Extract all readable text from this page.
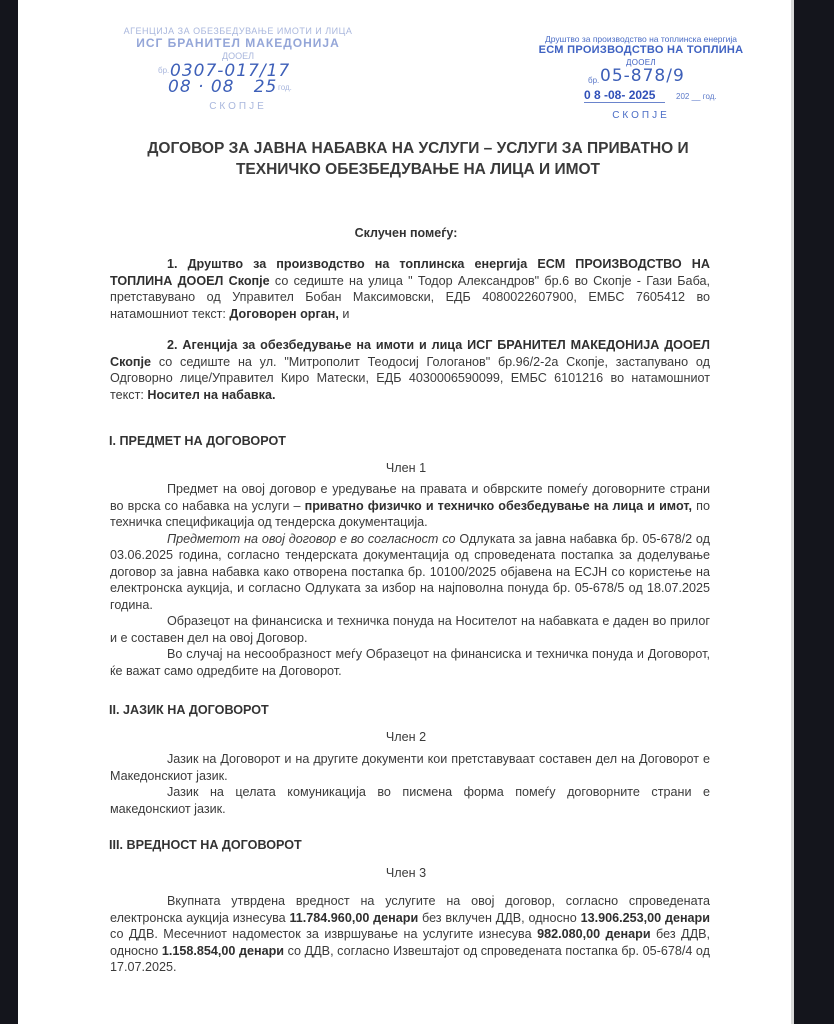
АГЕНЦИЈА ЗА ОБЕЗБЕДУВАЊЕ ИМОТИ И ЛИЦА
ИСГ БРАНИТЕЛ МАКЕДОНИЈА
ДООЕЛ
бр. 0307-017/17
08 · 08 25 год.
СКОПЈЕ
Друштво за производство на топлинска енергија
ЕСМ ПРОИЗВОДСТВО НА ТОПЛИНА ДООЕЛ
бр. 05-878/9
0 8 -08- 2025	202 __ год.
СКОПЈЕ
ДОГОВОР ЗА ЈАВНА НАБАВКА НА УСЛУГИ – УСЛУГИ ЗА ПРИВАТНО И
ТЕХНИЧКО ОБЕЗБЕДУВАЊЕ НА ЛИЦА И ИМОТ
Склучен помеѓу:
1. Друштво за производство на топлинска енергија ЕСМ ПРОИЗВОДСТВО НА ТОПЛИНА ДООЕЛ Скопје со седиште на улица " Тодор Александров" бр.6 во Скопје - Гази Баба, претставувано од Управител Бобан Максимовски, ЕДБ 4080022607900, ЕМБС 7605412 во натамошниот текст: Договорен орган, и
2. Агенција за обезбедување на имоти и лица ИСГ БРАНИТЕЛ МАКЕДОНИЈА ДООЕЛ Скопје со седиште на ул. "Митрополит Теодосиј Гологанов" бр.96/2-2а Скопје, застапувано од Одговорно лице/Управител Киро Матески, ЕДБ 4030006590099, ЕМБС 6101216 во натамошниот текст: Носител на набавка.
I. ПРЕДМЕТ НА ДОГОВОРОТ
Член 1

Предмет на овој договор е уредување на правата и обврските помеѓу договорните страни во врска со набавка на услуги – приватно физичко и техничко обезбедување на лица и имот, по техничка спецификација од тендерска документација.

Предметот на овој договор е во согласност со Одлуката за јавна набавка бр. 05-678/2 од 03.06.2025 година, согласно тендерската документација од спроведената постапка за доделување договор за јавна набавка како отворена постапка бр. 10100/2025 објавена на ЕСЈН со користење на електронска аукција, и согласно Одлуката за избор на најповолна понуда бр. 05-678/5 од 18.07.2025 година.

Образецот на финансиска и техничка понуда на Носителот на набавката е даден во прилог и е составен дел на овој Договор.

Во случај на несообразност меѓу Образецот на финансиска и техничка понуда и Договорот, ќе важат само одредбите на Договорот.

II. ЈАЗИК НА ДОГОВОРОТ
Член 2

Јазик на Договорот и на другите документи кои претставуваат составен дел на Договорот е Македонскиот јазик.

Јазик на целата комуникација во писмена форма помеѓу договорните страни е македонскиот јазик.

III. ВРЕДНОСТ НА ДОГОВОРОТ
Член 3

Вкупната утврдена вредност на услугите на овој договор, согласно спроведената електронска аукција изнесува 11.784.960,00 денари без вклучен ДДВ, односно 13.906.253,00 денари со ДДВ. Месечниот надоместок за извршување на услугите изнесува 982.080,00 денари без ДДВ, односно 1.158.854,00 денари со ДДВ, согласно Извештајот од спроведената постапка бр. 05-678/4 од 17.07.2025.
